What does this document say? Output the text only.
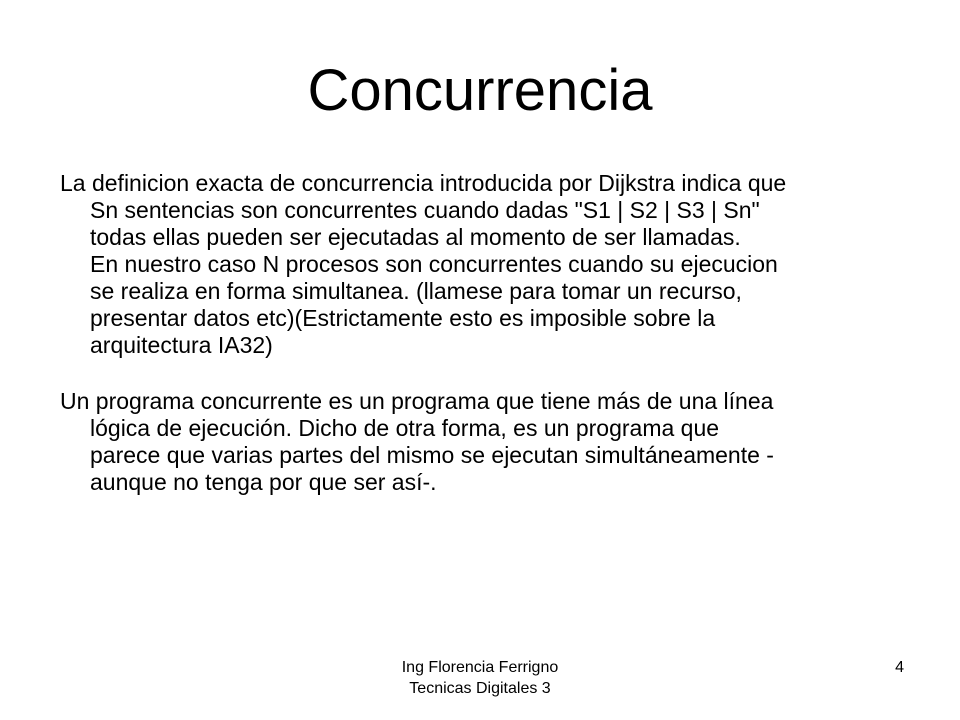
Concurrencia

La definicion exacta de concurrencia introducida por Dijkstra indica que
Sn sentencias son concurrentes cuando dadas "S1 | S2 | S3 | Sn"
todas ellas pueden ser ejecutadas al momento de ser llamadas.
En nuestro caso N procesos son concurrentes cuando su ejecucion
se realiza en forma simultanea. (llamese para tomar un recurso,
presentar datos etc)(Estrictamente esto es imposible sobre la
arquitectura IA32)

Un programa concurrente es un programa que tiene más de una línea
lógica de ejecución. Dicho de otra forma, es un programa que
parece que varias partes del mismo se ejecutan simultáneamente -
aunque no tenga por que ser así-.

Ing Florencia Ferrigno
Tecnicas Digitales 3
4
